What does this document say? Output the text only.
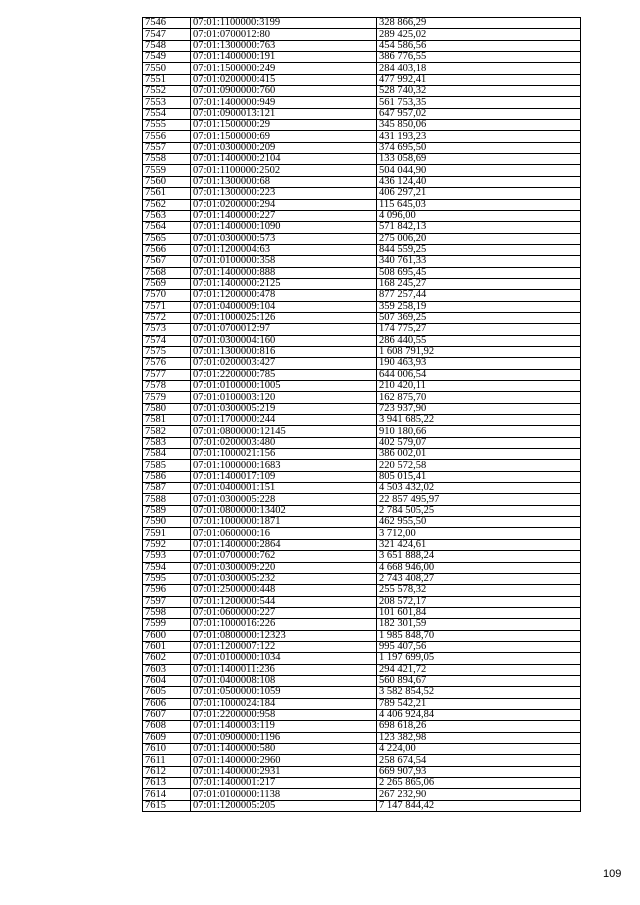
7546	07:01:1100000:3199	328 866,29
7547	07:01:0700012:80	289 425,02
7548	07:01:1300000:763	454 586,56
7549	07:01:1400000:191	386 776,55
7550	07:01:1500000:249	284 403,18
7551	07:01:0200000:415	477 992,41
7552	07:01:0900000:760	528 740,32
7553	07:01:1400000:949	561 753,35
7554	07:01:0900013:121	647 957,02
7555	07:01:1500000:29	345 850,06
7556	07:01:1500000:69	431 193,23
7557	07:01:0300000:209	374 695,50
7558	07:01:1400000:2104	133 058,69
7559	07:01:1100000:2502	504 044,90
7560	07:01:1300000:68	436 124,40
7561	07:01:1300000:223	406 297,21
7562	07:01:0200000:294	115 645,03
7563	07:01:1400000:227	4 096,00
7564	07:01:1400000:1090	571 842,13
7565	07:01:0300000:573	275 006,20
7566	07:01:1200004:63	844 559,25
7567	07:01:0100000:358	340 761,33
7568	07:01:1400000:888	508 695,45
7569	07:01:1400000:2125	168 245,27
7570	07:01:1200000:478	877 257,44
7571	07:01:0400009:104	359 258,19
7572	07:01:1000025:126	507 369,25
7573	07:01:0700012:97	174 775,27
7574	07:01:0300004:160	286 440,55
7575	07:01:1300000:816	1 608 791,92
7576	07:01:0200003:427	190 463,93
7577	07:01:2200000:785	644 006,54
7578	07:01:0100000:1005	210 420,11
7579	07:01:0100003:120	162 875,70
7580	07:01:0300005:219	723 937,90
7581	07:01:1700000:244	3 941 685,22
7582	07:01:0800000:12145	910 180,66
7583	07:01:0200003:480	402 579,07
7584	07:01:1000021:156	386 002,01
7585	07:01:1000000:1683	220 572,58
7586	07:01:1400017:109	805 015,41
7587	07:01:0400001:151	4 503 432,02
7588	07:01:0300005:228	22 857 495,97
7589	07:01:0800000:13402	2 784 505,25
7590	07:01:1000000:1871	462 955,50
7591	07:01:0600000:16	3 712,00
7592	07:01:1400000:2864	321 424,61
7593	07:01:0700000:762	3 651 888,24
7594	07:01:0300009:220	4 668 946,00
7595	07:01:0300005:232	2 743 408,27
7596	07:01:2500000:448	255 578,32
7597	07:01:1200000:544	208 572,17
7598	07:01:0600000:227	101 601,84
7599	07:01:1000016:226	182 301,59
7600	07:01:0800000:12323	1 985 848,70
7601	07:01:1200007:122	995 407,56
7602	07:01:0100000:1034	1 197 699,05
7603	07:01:1400011:236	294 421,72
7604	07:01:0400008:108	560 894,67
7605	07:01:0500000:1059	3 582 854,52
7606	07:01:1000024:184	789 542,21
7607	07:01:2200000:958	4 406 924,84
7608	07:01:1400003:119	698 618,26
7609	07:01:0900000:1196	123 382,98
7610	07:01:1400000:580	4 224,00
7611	07:01:1400000:2960	258 674,54
7612	07:01:1400000:2931	669 907,93
7613	07:01:1400001:217	2 265 865,06
7614	07:01:0100000:1138	267 232,90
7615	07:01:1200005:205	7 147 844,42
109
